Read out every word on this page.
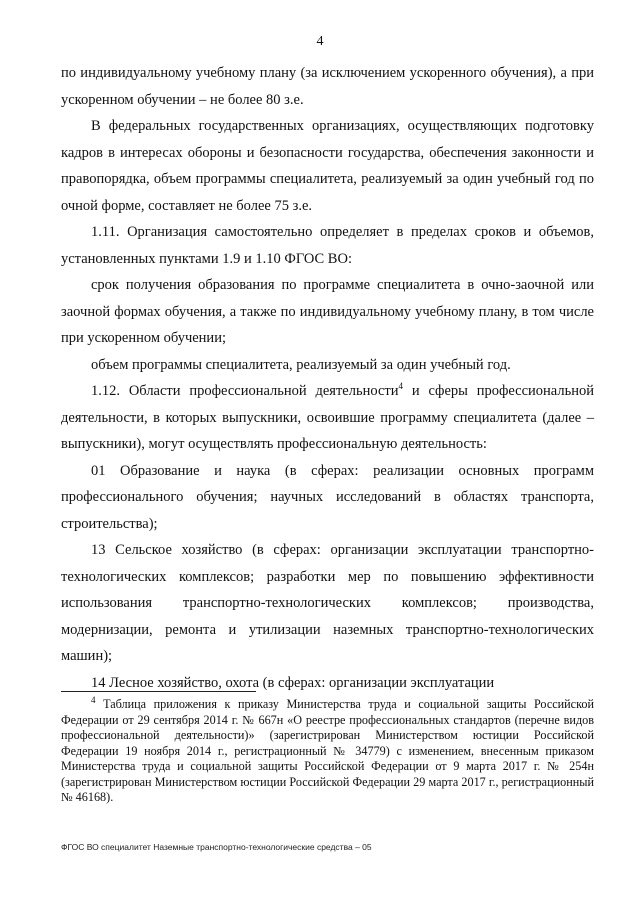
4

по индивидуальному учебному плану (за исключением ускоренного обучения), а при ускоренном обучении – не более 80 з.е.

В федеральных государственных организациях, осуществляющих подготовку кадров в интересах обороны и безопасности государства, обеспечения законности и правопорядка, объем программы специалитета, реализуемый за один учебный год по очной форме, составляет не более 75 з.е.

1.11. Организация самостоятельно определяет в пределах сроков и объемов, установленных пунктами 1.9 и 1.10 ФГОС ВО:

срок получения образования по программе специалитета в очно-заочной или заочной формах обучения, а также по индивидуальному учебному плану, в том числе при ускоренном обучении;

объем программы специалитета, реализуемый за один учебный год.

1.12. Области профессиональной деятельности$^4$ и сферы профессиональной деятельности, в которых выпускники, освоившие программу специалитета (далее – выпускники), могут осуществлять профессиональную деятельность:

01 Образование и наука (в сферах: реализации основных программ профессионального обучения; научных исследований в областях транспорта, строительства);

13 Сельское хозяйство (в сферах: организации эксплуатации транспортно-технологических комплексов; разработки мер по повышению эффективности использования транспортно-технологических комплексов; производства, модернизации, ремонта и утилизации наземных транспортно-технологических машин);

14 Лесное хозяйство, охота (в сферах: организации эксплуатации

$^4$ Таблица приложения к приказу Министерства труда и социальной защиты Российской Федерации от 29 сентября 2014 г. № 667н «О реестре профессиональных стандартов (перечне видов профессиональной деятельности)» (зарегистрирован Министерством юстиции Российской Федерации 19 ноября 2014 г., регистрационный № 34779) с изменением, внесенным приказом Министерства труда и социальной защиты Российской Федерации от 9 марта 2017 г. № 254н (зарегистрирован Министерством юстиции Российской Федерации 29 марта 2017 г., регистрационный № 46168).

ФГОС ВО специалитет Наземные транспортно-технологические средства – 05
